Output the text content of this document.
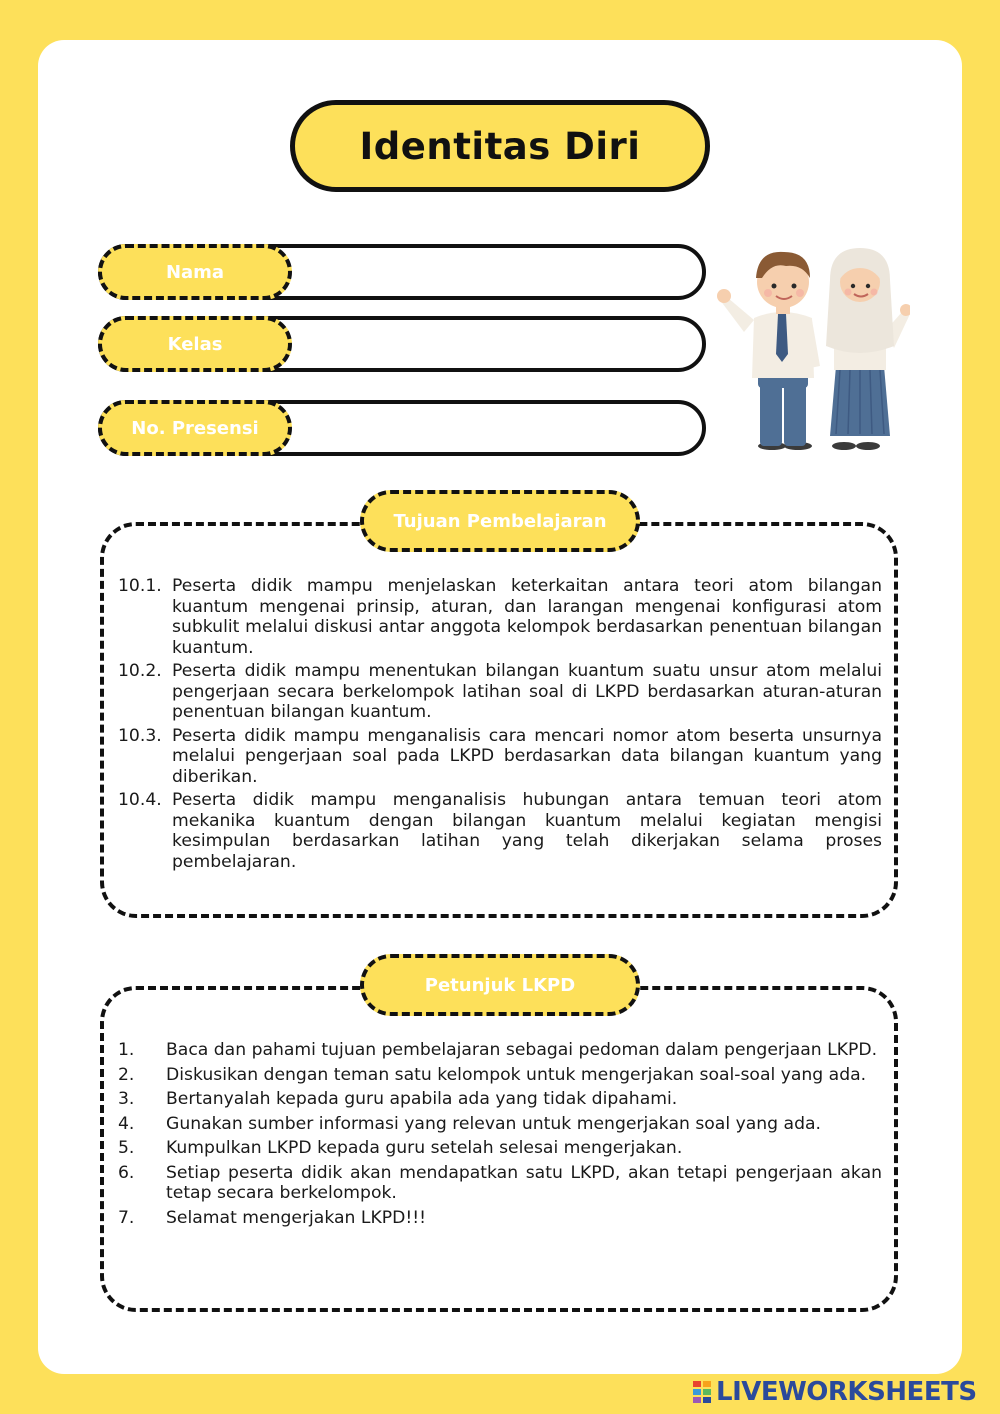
Identitas Diri
Nama
Kelas
No. Presensi
Tujuan Pembelajaran
10.1. Peserta didik mampu menjelaskan keterkaitan antara teori atom bilangan kuantum mengenai prinsip, aturan, dan larangan mengenai konfigurasi atom subkulit melalui diskusi antar anggota kelompok berdasarkan penentuan bilangan kuantum.
10.2. Peserta didik mampu menentukan bilangan kuantum suatu unsur atom melalui pengerjaan secara berkelompok latihan soal di LKPD berdasarkan aturan-aturan penentuan bilangan kuantum.
10.3. Peserta didik mampu menganalisis cara mencari nomor atom beserta unsurnya melalui pengerjaan soal pada LKPD berdasarkan data bilangan kuantum yang diberikan.
10.4. Peserta didik mampu menganalisis hubungan antara temuan teori atom mekanika kuantum dengan bilangan kuantum melalui kegiatan mengisi kesimpulan berdasarkan latihan yang telah dikerjakan selama proses pembelajaran.
Petunjuk LKPD
1.	Baca dan pahami tujuan pembelajaran sebagai pedoman dalam pengerjaan LKPD.
2.	Diskusikan dengan teman satu kelompok untuk mengerjakan soal-soal yang ada.
3.	Bertanyalah kepada guru apabila ada yang tidak dipahami.
4.	Gunakan sumber informasi yang relevan untuk mengerjakan soal yang ada.
5.	Kumpulkan LKPD kepada guru setelah selesai mengerjakan.
6.	Setiap peserta didik akan mendapatkan satu LKPD, akan tetapi pengerjaan akan tetap secara berkelompok.
7.	Selamat mengerjakan LKPD!!!
LIVEWORKSHEETS
